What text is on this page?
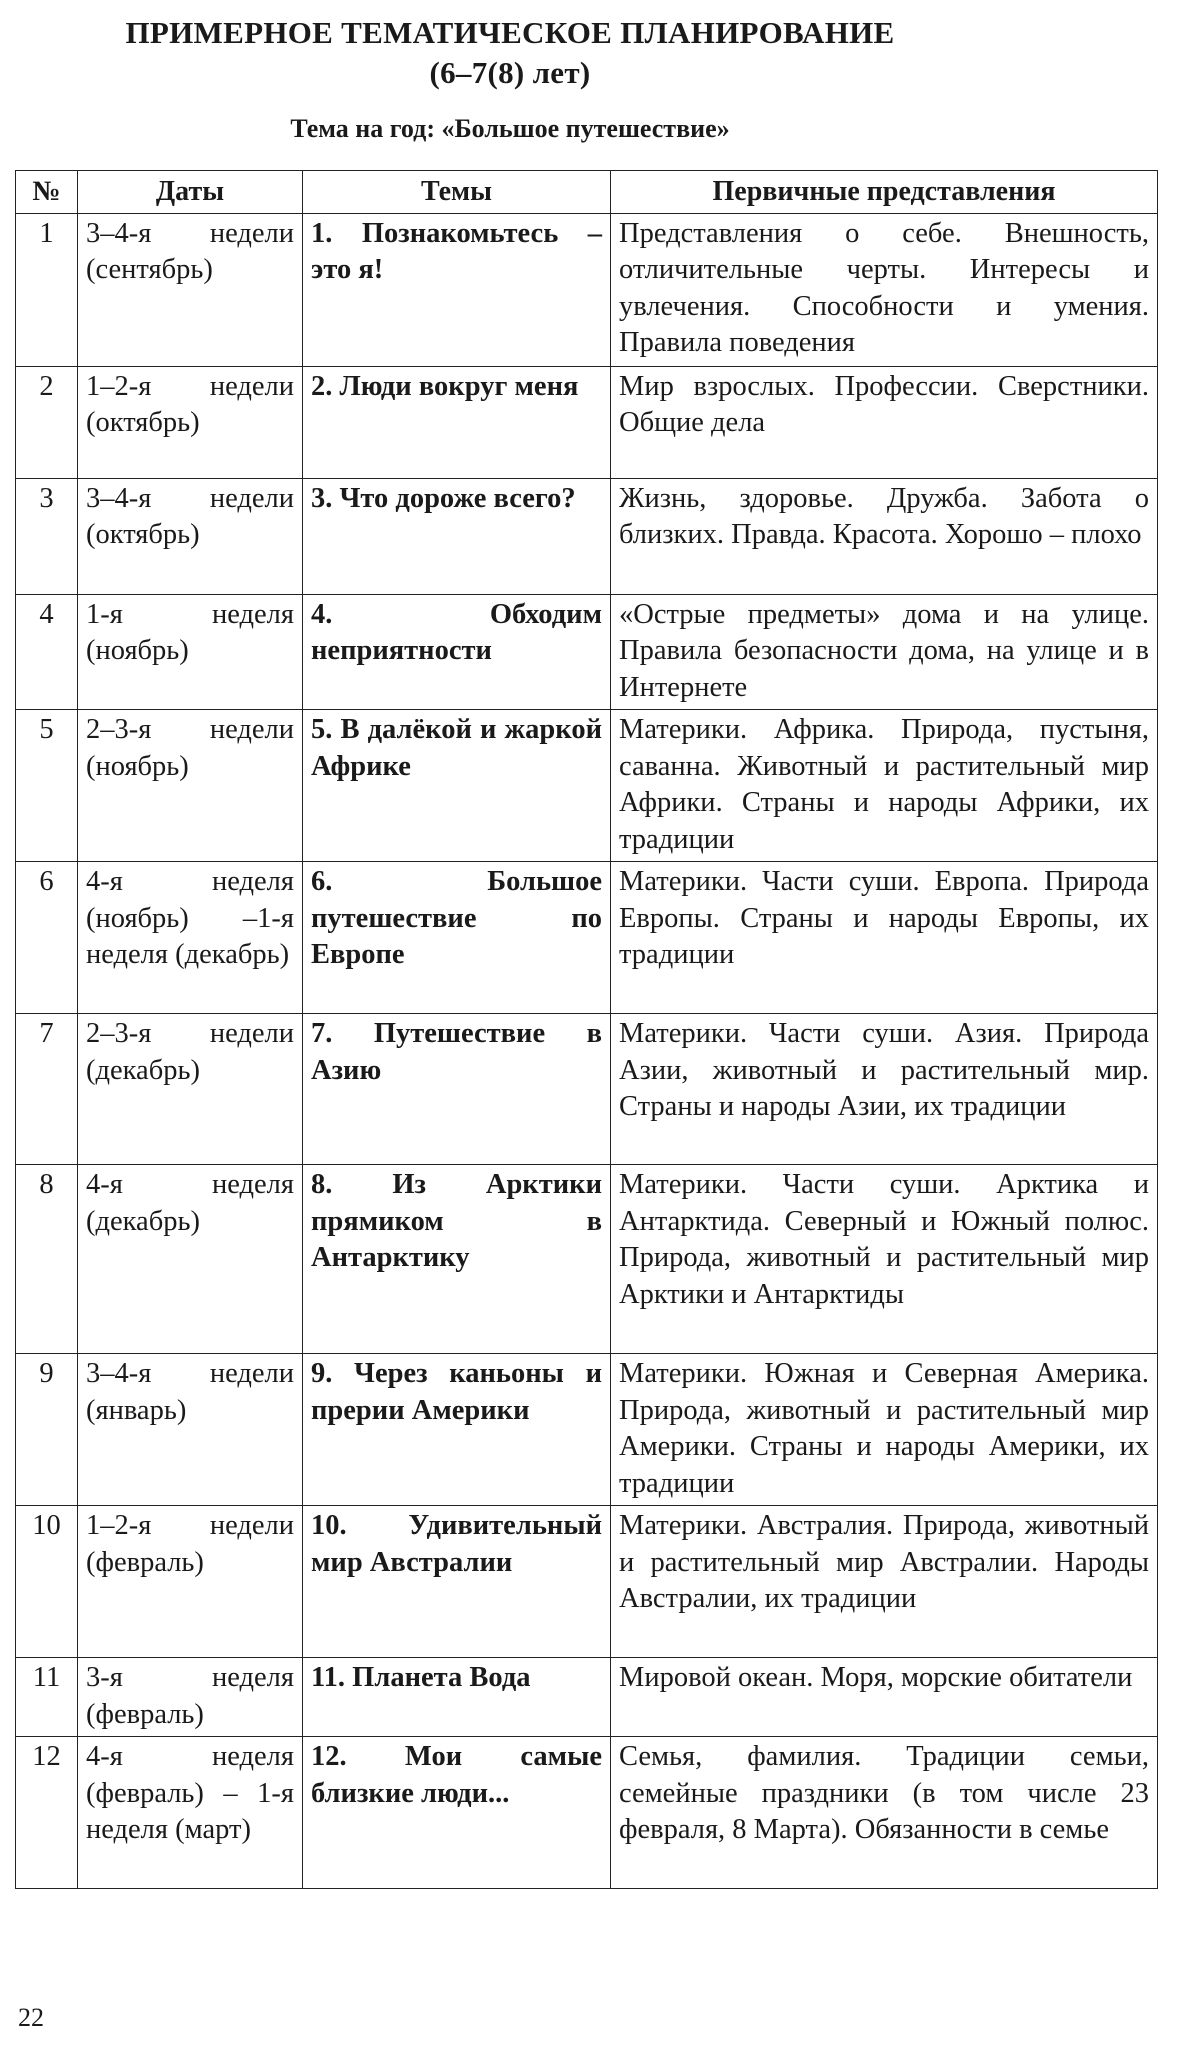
ПРИМЕРНОЕ ТЕМАТИЧЕСКОЕ ПЛАНИРОВАНИЕ
(6–7(8) лет)
Тема на год: «Большое путешествие»
№	Даты	Темы	Первичные представления
1	3–4-я недели (сентябрь)	1. Познакомьтесь – это я!	Представления о себе. Внешность, отличительные черты. Интересы и увлечения. Способности и умения. Правила поведения
2	1–2-я недели (октябрь)	2. Люди вокруг меня	Мир взрослых. Профессии. Сверстники. Общие дела
3	3–4-я недели (октябрь)	3. Что дороже всего?	Жизнь, здоровье. Дружба. Забота о близких. Правда. Красота. Хорошо – плохо
4	1-я неделя (ноябрь)	4. Обходим неприятности	«Острые предметы» дома и на улице. Правила безопасности дома, на улице и в Интернете
5	2–3-я недели (ноябрь)	5. В далёкой и жаркой Африке	Материки. Африка. Природа, пустыня, саванна. Животный и растительный мир Африки. Страны и народы Африки, их традиции
6	4-я неделя (ноябрь) –1-я неделя (декабрь)	6. Большое путешествие по Европе	Материки. Части суши. Европа. Природа Европы. Страны и народы Европы, их традиции
7	2–3-я недели (декабрь)	7. Путешествие в Азию	Материки. Части суши. Азия. Природа Азии, животный и растительный мир. Страны и народы Азии, их традиции
8	4-я неделя (декабрь)	8. Из Арктики прямиком в Антарктику	Материки. Части суши. Арктика и Антарктида. Северный и Южный полюс. Природа, животный и растительный мир Арктики и Антарктиды
9	3–4-я недели (январь)	9. Через каньоны и прерии Америки	Материки. Южная и Северная Америка. Природа, животный и растительный мир Америки. Страны и народы Америки, их традиции
10	1–2-я недели (февраль)	10. Удивительный мир Австралии	Материки. Австралия. Природа, животный и растительный мир Австралии. Народы Австралии, их традиции
11	3-я неделя (февраль)	11. Планета Вода	Мировой океан. Моря, морские обитатели
12	4-я неделя (февраль) – 1-я неделя (март)	12. Мои самые близкие люди...	Семья, фамилия. Традиции семьи, семейные праздники (в том числе 23 февраля, 8 Марта). Обязанности в семье
22
